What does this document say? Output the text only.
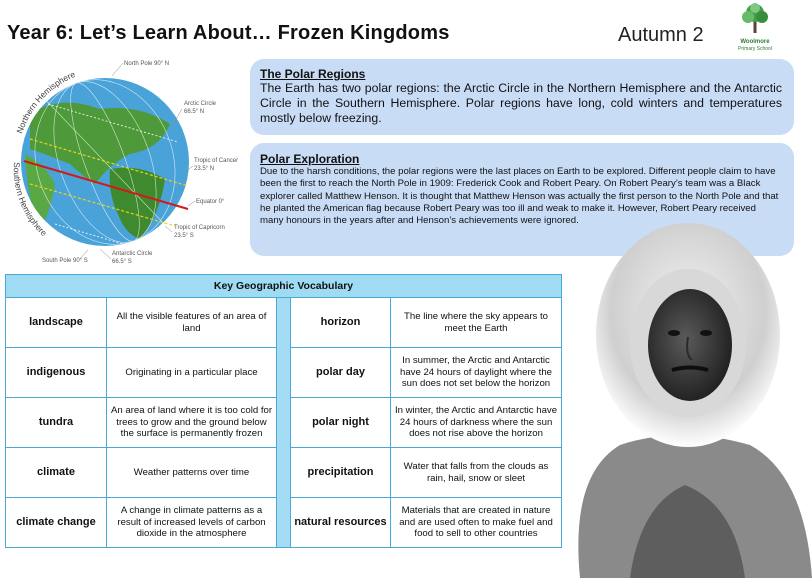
Year 6: Let’s Learn About… Frozen Kingdoms	Autumn 2	Woolmore
Primary School
Northern Hemisphere
Southern Hemisphere
North Pole 90° N
Arctic Circle
66.5° N
Tropic of Cancer
23.5° N
Equator 0°
Tropic of Capricorn
23.5° S
Antarctic Circle
66.5° S
South Pole 90° S
The Polar Regions

The Earth has two polar regions: the Arctic Circle in the Northern Hemisphere and the Antarctic Circle in the Southern Hemisphere. Polar regions have long, cold winters and temperatures mostly below freezing.

Polar Exploration

Due to the harsh conditions, the polar regions were the last places on Earth to be explored. Different people claim to have been the first to reach the North Pole in 1909: Frederick Cook and Robert Peary. On Robert Peary’s team was a Black explorer called Matthew Henson. It is thought that Matthew Henson was actually the first person to the North Pole and that he planted the American flag because Robert Peary was too ill and weak to make it. However, Robert Peary received many honours in the years after and Henson’s achievements were ignored.

Key Geographic Vocabulary				
landscape	All the visible features of an area of land		horizon	The line where the sky appears to meet the Earth
indigenous	Originating in a particular place		polar day	In summer, the Arctic and Antarctic have 24 hours of daylight where the sun does not set below the horizon
tundra	An area of land where it is too cold for trees to grow and the ground below the surface is permanently frozen		polar night	In winter, the Arctic and Antarctic have 24 hours of darkness where the sun does not rise above the horizon
climate	Weather patterns over time		precipitation	Water that falls from the clouds as rain, hail, snow or sleet
climate change	A change in climate patterns as a result of increased levels of carbon dioxide in the atmosphere		natural resources	Materials that are created in nature and are used often to make fuel and food to sell to other countries
